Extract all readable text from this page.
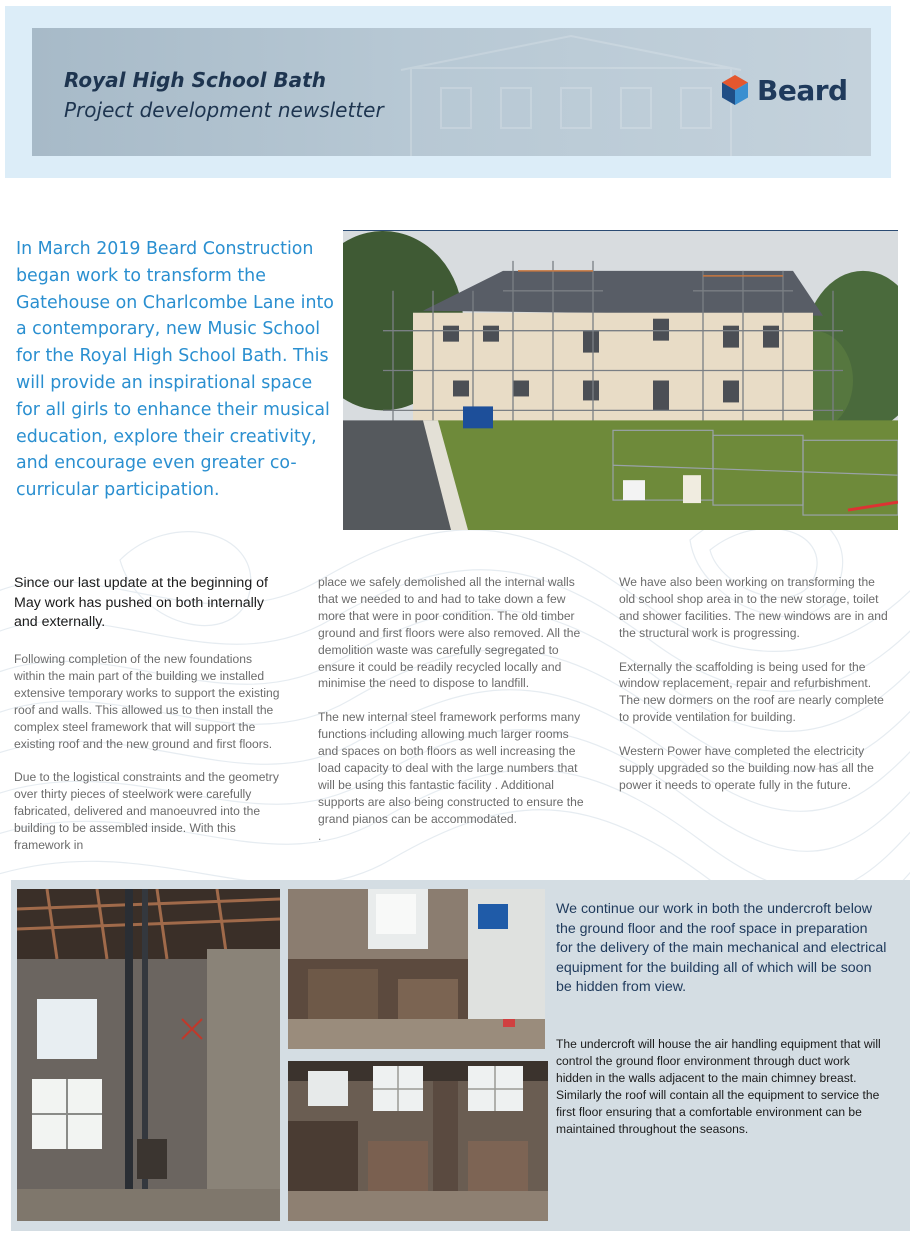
Royal High School Bath
Project development newsletter
Beard
In March 2019 Beard Construction began work to transform the Gatehouse on Charlcombe Lane into a contemporary, new Music School for the Royal High School Bath. This will provide an inspirational space for all girls to enhance their musical education, explore their creativity, and encourage even greater co-curricular participation.

Since our last update at the beginning of May work has pushed on both internally and externally.

Following completion of the new foundations within the main part of the building we installed extensive temporary works to support the existing roof and walls. This allowed us to then install the complex steel framework that will support the existing roof and the new ground and first floors.

Due to the logistical constraints and the geometry over thirty pieces of steelwork were carefully fabricated, delivered and manoeuvred into the building to be assembled inside. With this framework in

place we safely demolished all the internal walls that we needed to and had to take down a few more that were in poor condition. The old timber ground and first floors were also removed. All the demolition waste was carefully segregated to ensure it could be readily recycled locally and minimise the need to dispose to landfill.

The new internal steel framework performs many functions including allowing much larger rooms and spaces on both floors as well increasing the load capacity to deal with the large numbers that will be using this fantastic facility . Additional supports are also being constructed to ensure the grand pianos can be accommodated.

.

We have also been working on transforming the old school shop area in to the new storage, toilet and shower facilities. The new windows are in and the structural work is progressing.

Externally the scaffolding is being used for the window replacement, repair and refurbishment. The new dormers on the roof are nearly complete to provide ventilation for building.

Western Power have completed the electricity supply upgraded so the building now has all the power it needs to operate fully in the future.

We continue our work in both the undercroft below the ground floor and the roof space in preparation for the delivery of the main mechanical and electrical equipment for the building all of which will be soon be hidden from view.
The undercroft will house the air handling equipment that will control the ground floor environment through duct work hidden in the walls adjacent to the main chimney breast. Similarly the roof will contain all the equipment to service the first floor ensuring that a comfortable environment can be maintained throughout the seasons.
